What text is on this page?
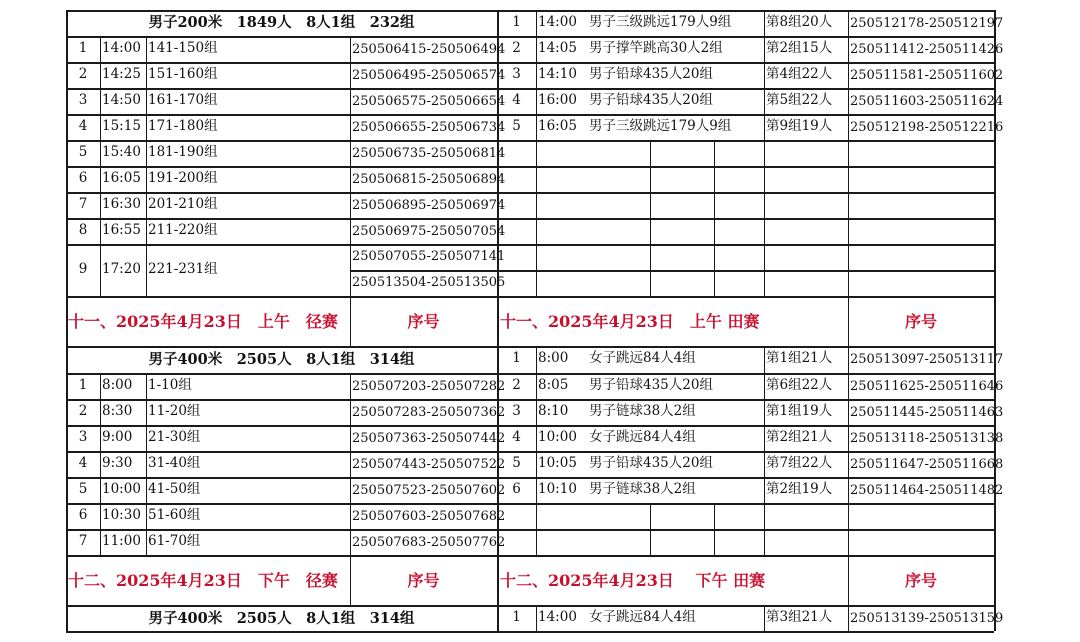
男子200米　1849人　8人1组　232组
1	14:00 141-150组	250506415-250506494
2	14:25 151-160组	250506495-250506574
3	14:50 161-170组	250506575-250506654
4	15:15 171-180组	250506655-250506734
5	15:40 181-190组	250506735-250506814
6	16:05 191-200组	250506815-250506894
7	16:30 201-210组	250506895-250506974
8	16:55 211-220组	250506975-250507054
9	17:20 221-231组
250507055-250507141
250513504-250513505
十一、2025年4月23日　上午　径赛	序号
男子400米　2505人　8人1组　314组
1	8:00 1-10组	250507203-250507282
2	8:30 11-20组	250507283-250507362
3	9:00 21-30组	250507363-250507442
4	9:30 31-40组	250507443-250507522
5	10:00 41-50组	250507523-250507602
6	10:30 51-60组	250507603-250507682
7	11:00 61-70组	250507683-250507762
十二、2025年4月23日　下午　径赛	序号
男子400米　2505人　8人1组　314组
1	14:00 男子三级跳远179人9组	第8组20人 250512178-250512197
2	14:05 男子撑竿跳高30人2组	第2组15人 250511412-250511426
3	14:10 男子铅球435人20组	第4组22人 250511581-250511602
4	16:00 男子铅球435人20组	第5组22人 250511603-250511624
5	16:05 男子三级跳远179人9组	第9组19人 250512198-250512216
十一、2025年4月23日　上午 田赛	序号
1	8:00 女子跳远84人4组	第1组21人 250513097-250513117
2	8:05 男子铅球435人20组	第6组22人 250511625-250511646
3	8:10 男子链球38人2组	第1组19人 250511445-250511463
4	10:00 女子跳远84人4组	第2组21人 250513118-250513138
5	10:05 男子铅球435人20组	第7组22人 250511647-250511668
6	10:10 男子链球38人2组	第2组19人 250511464-250511482
十二、2025年4月23日　 下午 田赛	序号
1	14:00 女子跳远84人4组	第3组21人 250513139-250513159
